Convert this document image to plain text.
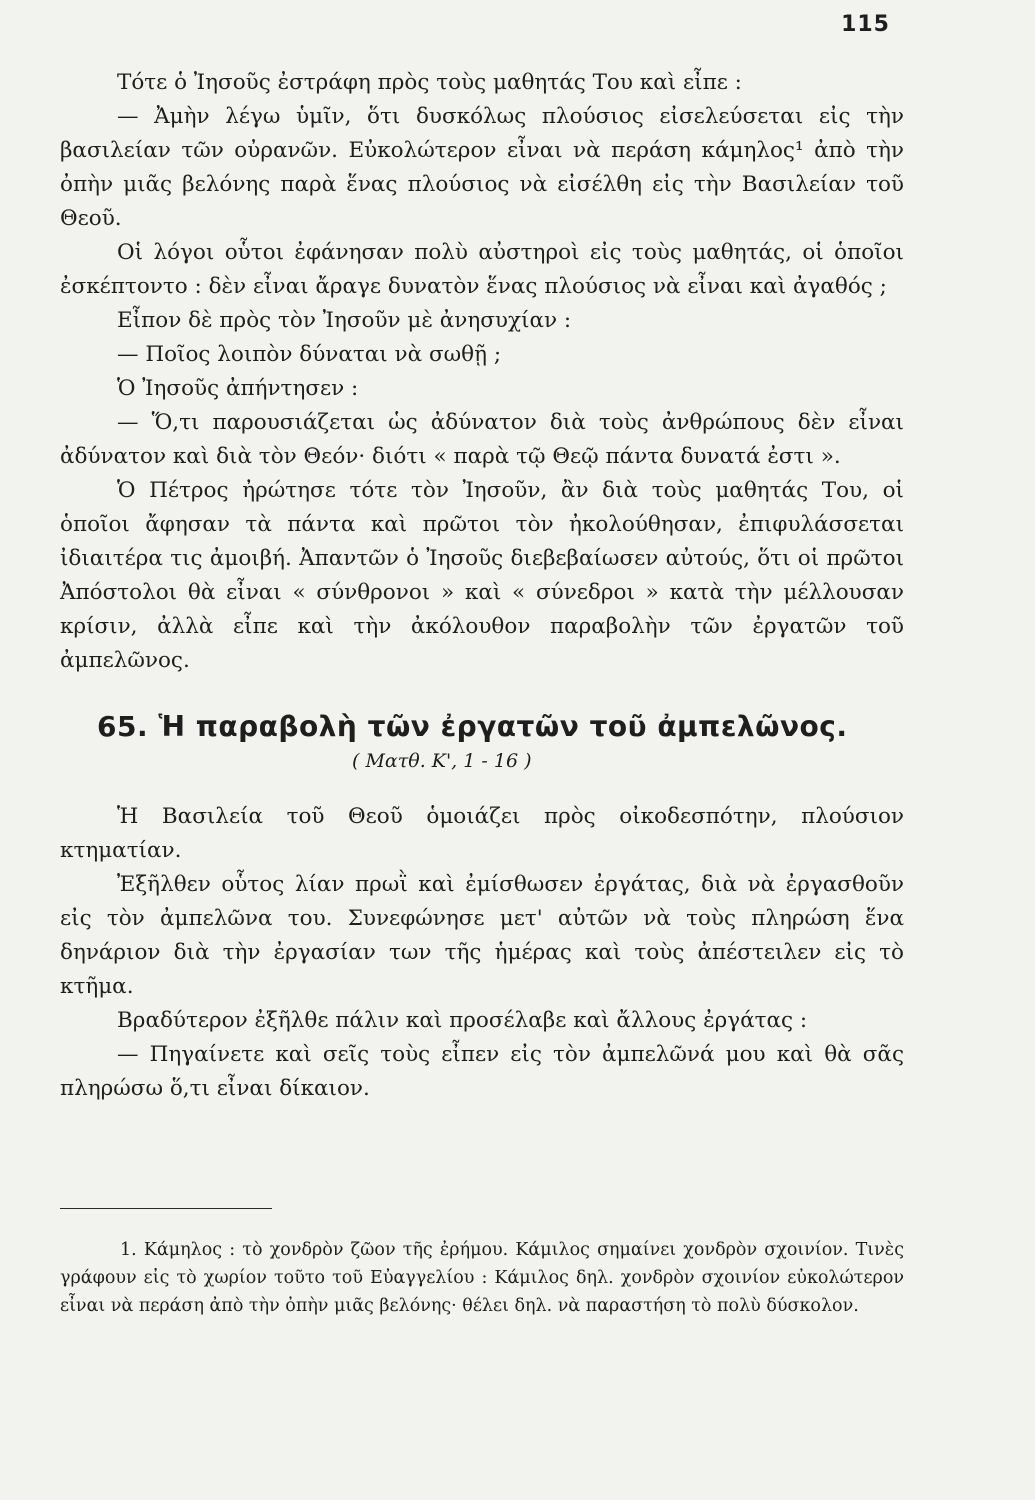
115

Τότε ὁ Ἰησοῦς ἐστράφη πρὸς τοὺς μαθητάς Του καὶ εἶπε :

— Ἀμὴν λέγω ὑμῖν, ὅτι δυσκόλως πλούσιος εἰσελεύσεται εἰς τὴν βασιλείαν τῶν οὐρανῶν. Εὐκολώτερον εἶναι νὰ περάση κάμηλος¹ ἀπὸ τὴν ὀπὴν μιᾶς βελόνης παρὰ ἕνας πλούσιος νὰ εἰσέλθη εἰς τὴν Βασιλείαν τοῦ Θεοῦ.

Οἱ λόγοι οὗτοι ἐφάνησαν πολὺ αὐστηροὶ εἰς τοὺς μαθητάς, οἱ ὁποῖοι ἐσκέπτοντο : δὲν εἶναι ἄραγε δυνατὸν ἕνας πλούσιος νὰ εἶναι καὶ ἀγαθός ;

Εἶπον δὲ πρὸς τὸν Ἰησοῦν μὲ ἀνησυχίαν :

— Ποῖος λοιπὸν δύναται νὰ σωθῇ ;

Ὁ Ἰησοῦς ἀπήντησεν :

— Ὅ,τι παρουσιάζεται ὡς ἀδύνατον διὰ τοὺς ἀνθρώπους δὲν εἶναι ἀδύνατον καὶ διὰ τὸν Θεόν· διότι « παρὰ τῷ Θεῷ πάντα δυνατά ἐστι ».

Ὁ Πέτρος ἠρώτησε τότε τὸν Ἰησοῦν, ἂν διὰ τοὺς μαθητάς Του, οἱ ὁποῖοι ἄφησαν τὰ πάντα καὶ πρῶτοι τὸν ἠκολούθησαν, ἐπιφυλάσσεται ἰδιαιτέρα τις ἀμοιβή. Ἀπαντῶν ὁ Ἰησοῦς διεβεβαίωσεν αὐτούς, ὅτι οἱ πρῶτοι Ἀπόστολοι θὰ εἶναι « σύνθρονοι » καὶ « σύνεδροι » κατὰ τὴν μέλλουσαν κρίσιν, ἀλλὰ εἶπε καὶ τὴν ἀκόλουθον παραβολὴν τῶν ἐργατῶν τοῦ ἀμπελῶνος.

65. Ἡ παραβολὴ τῶν ἐργατῶν τοῦ ἀμπελῶνος.
( Ματθ. Κ', 1 - 16 )

Ἡ Βασιλεία τοῦ Θεοῦ ὁμοιάζει πρὸς οἰκοδεσπότην, πλούσιον κτηματίαν.

Ἐξῆλθεν οὗτος λίαν πρωῒ καὶ ἐμίσθωσεν ἐργάτας, διὰ νὰ ἐργασθοῦν εἰς τὸν ἀμπελῶνα του. Συνεφώνησε μετ' αὐτῶν νὰ τοὺς πληρώση ἕνα δηνάριον διὰ τὴν ἐργασίαν των τῆς ἡμέρας καὶ τοὺς ἀπέστειλεν εἰς τὸ κτῆμα.

Βραδύτερον ἐξῆλθε πάλιν καὶ προσέλαβε καὶ ἄλλους ἐργάτας :

— Πηγαίνετε καὶ σεῖς τοὺς εἶπεν εἰς τὸν ἀμπελῶνά μου καὶ θὰ σᾶς πληρώσω ὅ,τι εἶναι δίκαιον.

1. Κάμηλος : τὸ χονδρὸν ζῶον τῆς ἐρήμου. Κάμιλος σημαίνει χονδρὸν σχοινίον. Τινὲς γράφουν εἰς τὸ χωρίον τοῦτο τοῦ Εὐαγγελίου : Κάμιλος δηλ. χονδρὸν σχοινίον εὐκολώτερον εἶναι νὰ περάση ἀπὸ τὴν ὀπὴν μιᾶς βελόνης· θέλει δηλ. νὰ παραστήση τὸ πολὺ δύσκολον.
